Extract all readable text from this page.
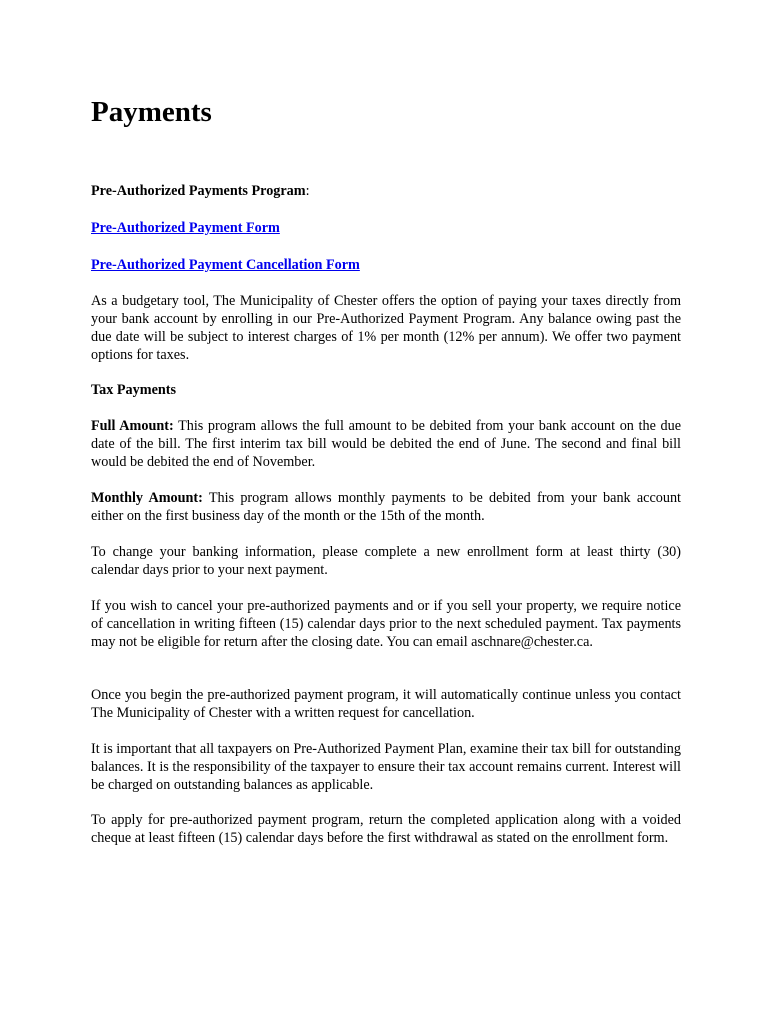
Payments

Pre-Authorized Payments Program:

Pre-Authorized Payment Form

Pre-Authorized Payment Cancellation Form

As a budgetary tool, The Municipality of Chester offers the option of paying your taxes directly from your bank account by enrolling in our Pre-Authorized Payment Program. Any balance owing past the due date will be subject to interest charges of 1% per month (12% per annum). We offer two payment options for taxes.

Tax Payments

Full Amount: This program allows the full amount to be debited from your bank account on the due date of the bill. The first interim tax bill would be debited the end of June. The second and final bill would be debited the end of November.

Monthly Amount: This program allows monthly payments to be debited from your bank account either on the first business day of the month or the 15th of the month.

To change your banking information, please complete a new enrollment form at least thirty (30) calendar days prior to your next payment.

If you wish to cancel your pre-authorized payments and or if you sell your property, we require notice of cancellation in writing fifteen (15) calendar days prior to the next scheduled payment. Tax payments may not be eligible for return after the closing date. You can email aschnare@chester.ca.

Once you begin the pre-authorized payment program, it will automatically continue unless you contact The Municipality of Chester with a written request for cancellation.

It is important that all taxpayers on Pre-Authorized Payment Plan, examine their tax bill for outstanding balances. It is the responsibility of the taxpayer to ensure their tax account remains current. Interest will be charged on outstanding balances as applicable.

To apply for pre-authorized payment program, return the completed application along with a voided cheque at least fifteen (15) calendar days before the first withdrawal as stated on the enrollment form.
